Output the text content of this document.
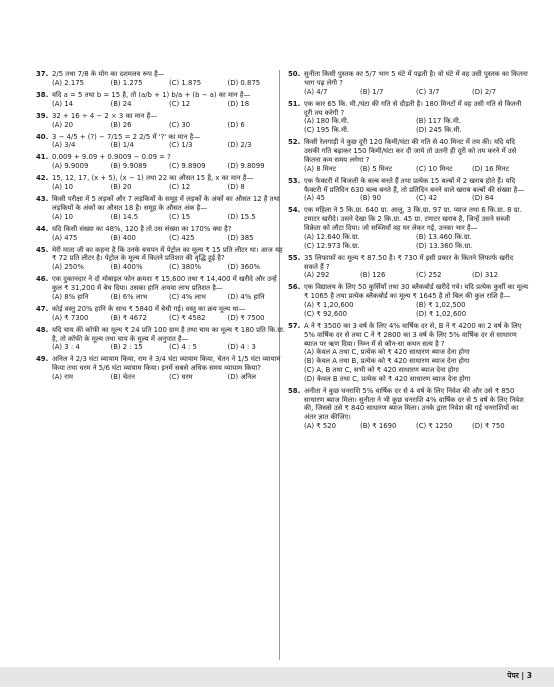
37. 2/5 तथा 7/8 के योग का दशमलव रूप है—
(A) 2.175	(B) 1.275	(C) 1.875	(D) 0.875
38. यदि a = 5 तथा b = 15 है, तो (a/b + 1) b/a + (b − a) का मान है—
(A) 14	(B) 24	(C) 12	(D) 18
39. 32 + 16 ÷ 4 − 2 × 3 का मान है—
(A) 20	(B) 26	(C) 30	(D) 6
40. 3 − 4/5 + (?) − 7/15 = 2 2/5 में '?' का मान है—
(A) 3/4	(B) 1/4	(C) 1/3	(D) 2/3
41. 0.009 + 9.09 + 0.9009 − 0.09 = ?
(A) 9.9009	(B) 9.9089	(C) 9.8909	(D) 9.8099
42. 15, 12, 17, (x + 5), (x − 1) तथा 22 का औसत 15 है, x का मान है—
(A) 10	(B) 20	(C) 12	(D) 8
43. किसी परीक्षा में 5 लड़कों और 7 लड़कियों के समूह में लड़कों के अंकों का औसत 12 है तथा लड़कियों के अंकों का औसत 18 है। समूह के औसत अंक है—
(A) 10	(B) 14.5	(C) 15	(D) 15.5
44. यदि किसी संख्या का 48%, 120 है तो उस संख्या का 170% क्या है?
(A) 475	(B) 400	(C) 425	(D) 385
45. मेरी माता जी का कहना है कि उनके बचपन में पेट्रोल का मूल्य ₹ 15 प्रति लीटर था। आज यह ₹ 72 प्रति लीटर है। पेट्रोल के मूल्य में कितने प्रतिशत की वृद्धि हुई है?
(A) 250%	(B) 400%	(C) 380%	(D) 360%
46. एक दुकानदार ने दो मोबाइल फोन क्रमशः ₹ 15,600 तथा ₹ 14,400 में खरीदे और उन्हें कुल ₹ 31,200 में बेच दिया। उसका हानि अथवा लाभ प्रतिशत है—
(A) 8% हानि	(B) 6% लाभ	(C) 4% लाभ	(D) 4% हानि
47. कोई वस्तु 20% हानि के साथ ₹ 5840 में बेची गई। वस्तु का क्रय मूल्य था—
(A) ₹ 7300	(B) ₹ 4672	(C) ₹ 4582	(D) ₹ 7500
48. यदि चाय की कॉफी का मूल्य ₹ 24 प्रति 100 ग्राम है तथा चाय का मूल्य ₹ 180 प्रति कि.ग्रा. है, तो कॉफी के मूल्य तथा चाय के मूल्य में अनुपात है—
(A) 3 : 4	(B) 2 : 15	(C) 4 : 5	(D) 4 : 3
49. अनिल ने 2/3 घंटा व्यायाम किया, राम ने 3/4 घंटा व्यायाम किया, चेतन ने 1/5 घंटा व्यायाम किया तथा धरम ने 5/6 घंटा व्यायाम किया। इनमें सबसे अधिक समय व्यायाम किया?
(A) राम	(B) चेतन	(C) धरम	(D) अनिल
50. सुनीता किसी पुस्तक का 5/7 भाग 5 घंटे में पढ़ती है। वो घंटे में वह उसी पुस्तक का कितना भाग पढ़ लेगी ?
(A) 4/7	(B) 1/7	(C) 3/7	(D) 2/7
51. एक कार 65 कि. मी./घंटा की गति से दौड़ती है। 180 मिनटों में वह उसी गति से कितनी दूरी तय करेगी ?
(A) 180 कि.मी.	(B) 117 कि.मी.
(C) 195 कि.मी.	(D) 245 कि.मी.
52. किसी रेलगाड़ी ने कुछ दूरी 120 किमी/घंटा की गति से 40 मिनट में तय की। यदि यदि उसकी गति बढ़ाकर 150 किमी/घंटा कर दी जाये तो उतनी ही दूरी को तय करने में उसे कितना कम समय लगेगा ?
(A) 8 मिनट	(B) 5 मिनट	(C) 10 मिनट	(D) 16 मिनट
53. एक फैक्टरी में बिजली के बल्ब बनते हैं तथा प्रत्येक 15 बल्बों में 2 खराब होते हैं। यदि फैक्टरी में प्रतिदिन 630 बल्ब बनते हैं, तो प्रतिदिन बनने वाले खराब बल्बों की संख्या है—
(A) 45	(B) 90	(C) 42	(D) 84
54. एक महिला ने 5 कि.ग्रा. 640 ग्रा. आलू, 3 कि.ग्रा. 97 ग्रा. प्याज तथा 6 कि.ग्रा. 8 ग्रा. टमाटर खरीदे। उसने देखा कि 2 कि.ग्रा. 45 ग्रा. टमाटर खराब है, जिन्हें उसने सब्जी विक्रेता को लौटा दिया। जो सब्जियाँ वह घर लेकर गई, उनका भार है—
(A) 12.640 कि.ग्रा.	(B) 13.460 कि.ग्रा.
(C) 12.973 कि.ग्रा.	(D) 13.360 कि.ग्रा.
55. 35 लिफाफों का मूल्य ₹ 87.50 है। ₹ 730 में इसी प्रकार के कितने लिफाफे खरीद सकते हैं ?
(A) 292	(B) 126	(C) 252	(D) 312
56. एक विद्यालय के लिए 50 कुर्सियाँ तथा 30 ब्लैकबोर्ड खरीदे गये। यदि प्रत्येक कुर्सी का मूल्य ₹ 1065 है तथा प्रत्येक ब्लैकबोर्ड का मूल्य ₹ 1645 है तो बिल की कुल राशि है—
(A) ₹ 1,20,600	(B) ₹ 1,02,500
(C) ₹ 92,600	(D) ₹ 1,02,600
57. A ने ₹ 3500 का 3 वर्ष के लिए 4% वार्षिक दर से, B ने ₹ 4200 का 2 वर्ष के लिए 5% वार्षिक दर से तथा C ने ₹ 2800 का 3 वर्ष के लिए 5% वार्षिक दर से साधारण ब्याज पर ऋण दिया। निम्न में से कौन-सा कथन सत्य है ?
(A) केवल A तथा C, प्रत्येक को ₹ 420 साधारण ब्याज देना होगा
(B) केवल A तथा B, प्रत्येक को ₹ 420 साधारण ब्याज देना होगा
(C) A, B तथा C, सभी को ₹ 420 साधारण ब्याज देना होगा
(D) केवल B तथा C, प्रत्येक को ₹ 420 साधारण ब्याज देना होगा
58. अनीता ने कुछ धनराशि 5% वार्षिक दर से 4 वर्ष के लिए निवेश की और उसे ₹ 850 साधारण ब्याज मिला। सुनीता ने भी कुछ धनराशि 4% वार्षिक दर से 5 वर्ष के लिए निवेश की, जिससे उसे ₹ 840 साधारण ब्याज मिला। उनके द्वारा निवेश की गई धनराशियों का अंतर ज्ञात कीजिए।
(A) ₹ 520	(B) ₹ 1690	(C) ₹ 1250	(D) ₹ 750
पेपर | 3
